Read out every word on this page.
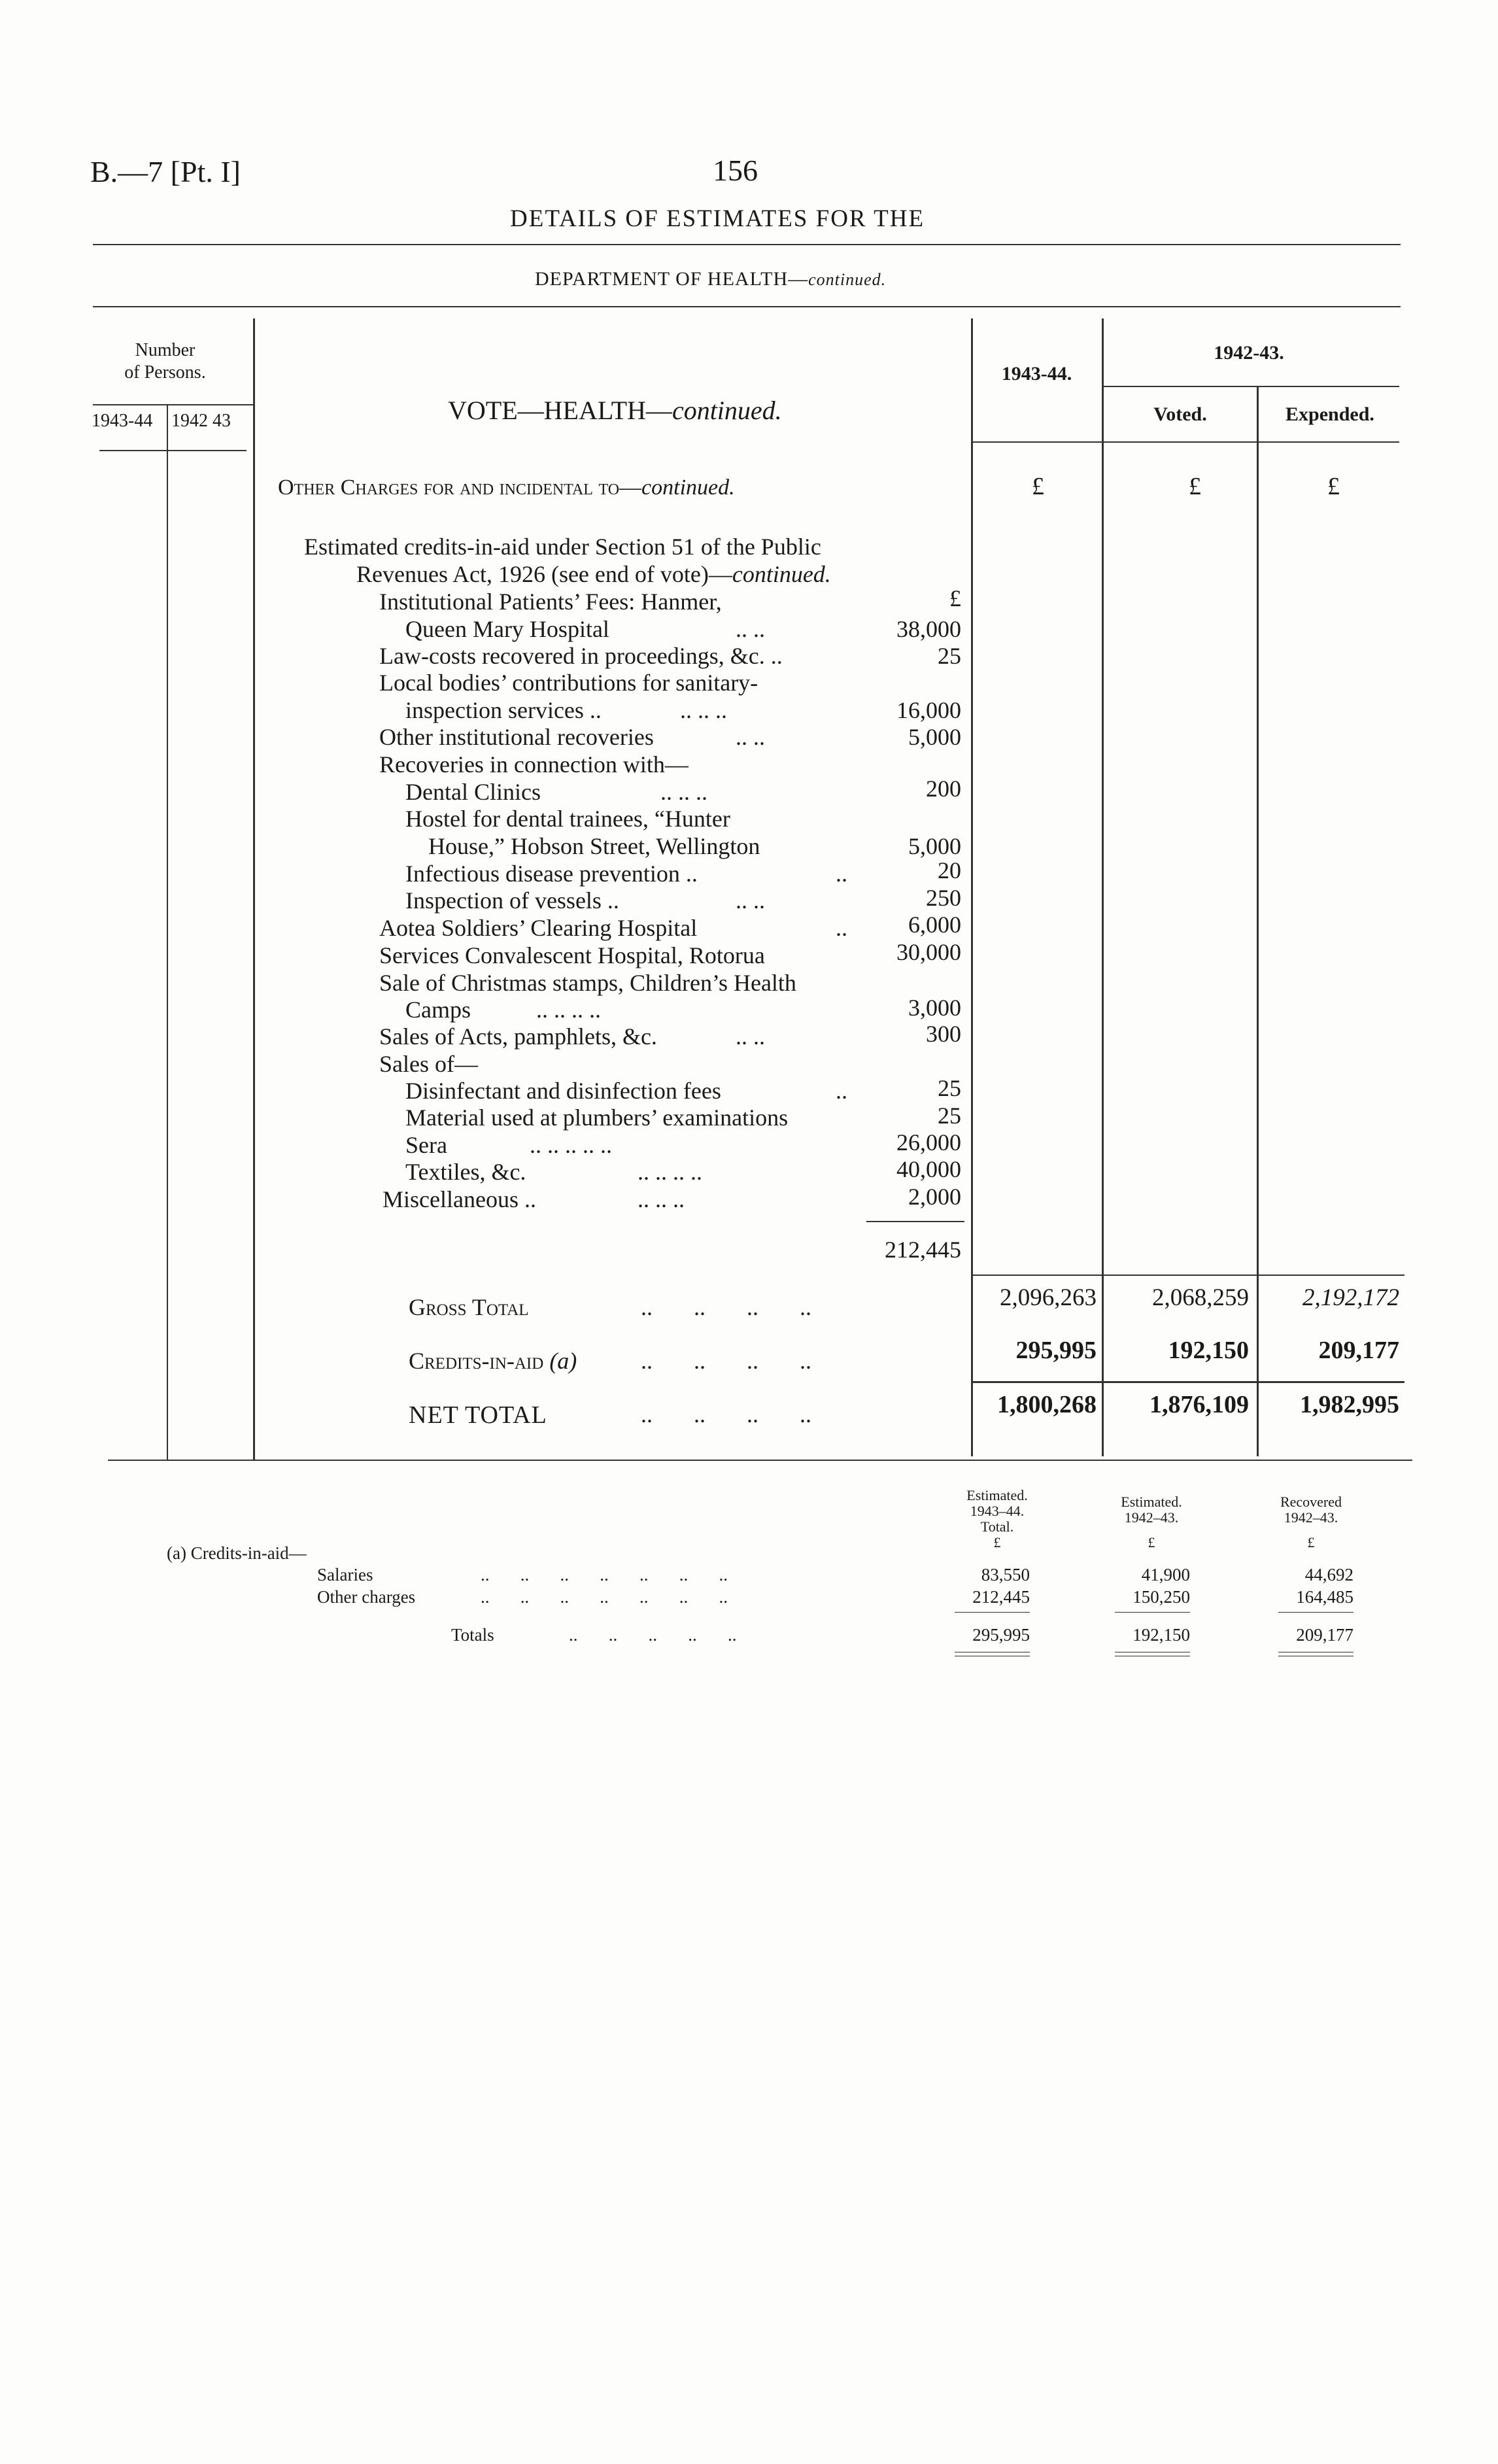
B.—7 [Pt. I]	156
DETAILS OF ESTIMATES FOR THE
DEPARTMENT OF HEALTH—continued.
Number
of Persons.
1943-44 1942 43	VOTE—HEALTH—continued.
1943-44.
1942-43.
Voted.	Expended.
Other Charges for and incidental to—continued.	£	£	£
Estimated credits-in-aid under Section 51 of the Public
Revenues Act, 1926 (see end of vote)—continued.
Institutional Patients’ Fees: Hanmer,	£
Queen Mary Hospital	.. ..	38,000
Law-costs recovered in proceedings, &c. ..	25
Local bodies’ contributions for sanitary-
inspection services ..	.. .. ..	16,000
Other institutional recoveries	.. ..	5,000
Recoveries in connection with—
Dental Clinics	.. .. ..	200
Hostel for dental trainees, “Hunter
House,” Hobson Street, Wellington	5,000
Infectious disease prevention ..	..	20
Inspection of vessels ..	.. ..	250
Aotea Soldiers’ Clearing Hospital	..	6,000
Services Convalescent Hospital, Rotorua	30,000
Sale of Christmas stamps, Children’s Health
Camps	.. .. .. ..	3,000
Sales of Acts, pamphlets, &c.	.. ..	300
Sales of—
Disinfectant and disinfection fees	..	25
Material used at plumbers’ examinations	25
Sera	.. .. .. .. ..	26,000
Textiles, &c.	.. .. .. ..	40,000
Miscellaneous ..	.. .. ..	2,000
212,445
Gross Total	..       ..       ..       ..	2,096,263	2,068,259	2,192,172
Credits-in-aid (a)	..       ..       ..       ..	295,995	192,150	209,177
NET TOTAL	..       ..       ..       ..	1,800,268	1,876,109	1,982,995
Estimated.
1943–44.
Total.
£
Estimated.
1942–43.
£
Recovered
1942–43.
£
(a) Credits-in-aid—
Salaries	..       ..       ..       ..       ..       ..       ..	83,550	41,900	44,692
Other charges	..       ..       ..       ..       ..       ..       ..	212,445	150,250	164,485
Totals	..       ..       ..       ..       ..	295,995	192,150	209,177
